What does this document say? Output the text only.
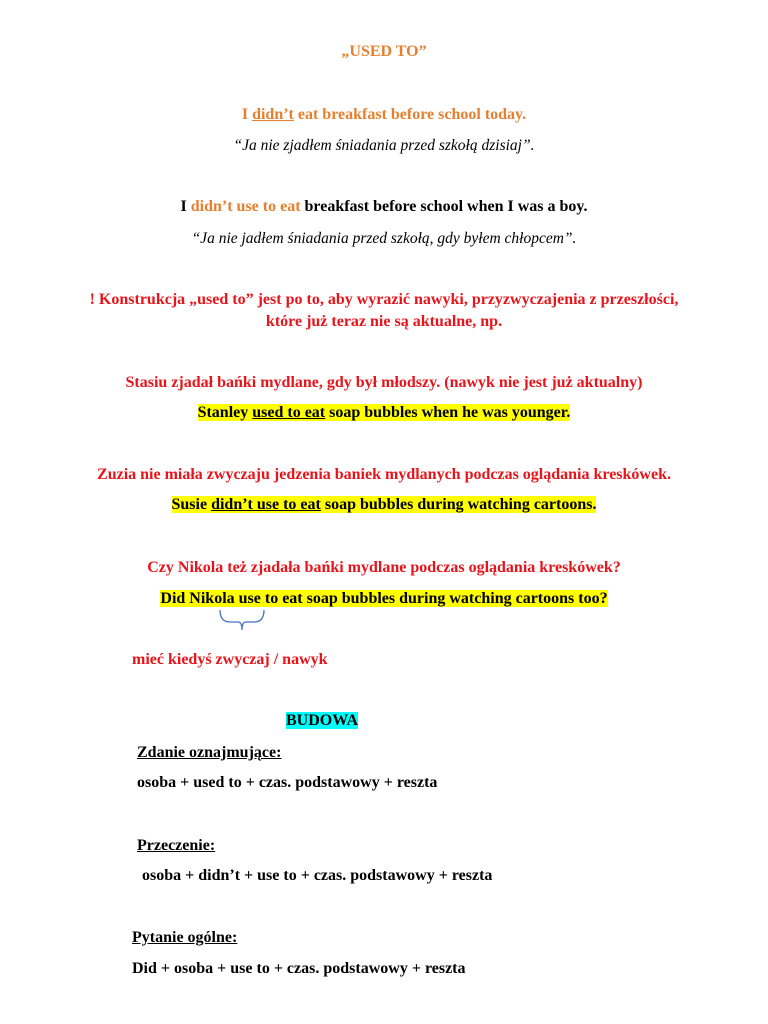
„USED TO”
I didn’t eat breakfast before school today.
“Ja nie zjadłem śniadania przed szkołą dzisiaj”.
I didn’t use to eat breakfast before school when I was a boy.
“Ja nie jadłem śniadania przed szkołą, gdy byłem chłopcem”.
! Konstrukcja „used to” jest po to, aby wyrazić nawyki, przyzwyczajenia z przeszłości,
które już teraz nie są aktualne, np.
Stasiu zjadał bańki mydlane, gdy był młodszy. (nawyk nie jest już aktualny)
Stanley used to eat soap bubbles when he was younger.
Zuzia nie miała zwyczaju jedzenia baniek mydlanych podczas oglądania kreskówek.
Susie didn’t use to eat soap bubbles during watching cartoons.
Czy Nikola też zjadała bańki mydlane podczas oglądania kreskówek?
Did Nikola use to eat soap bubbles during watching cartoons too?
mieć kiedyś zwyczaj / nawyk
BUDOWA
Zdanie oznajmujące:
osoba + used to + czas. podstawowy + reszta
Przeczenie:
osoba + didn’t + use to + czas. podstawowy + reszta
Pytanie ogólne:
Did + osoba + use to + czas. podstawowy + reszta
